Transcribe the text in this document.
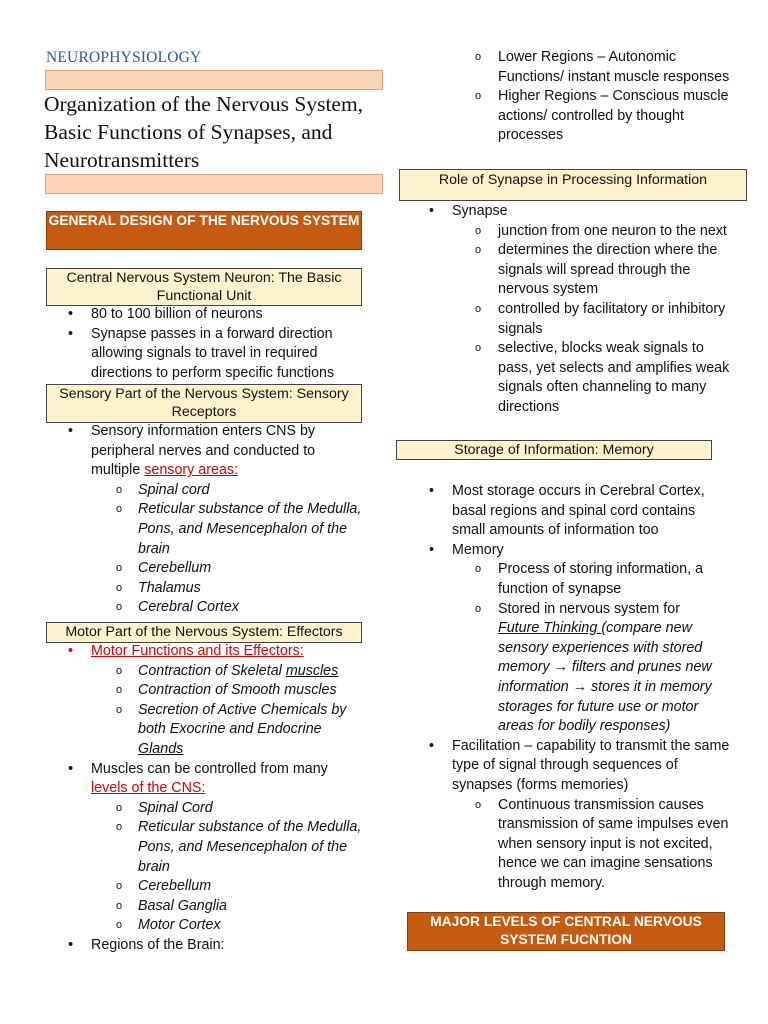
NEUROPHYSIOLOGY
Organization of the Nervous System, Basic Functions of Synapses, and Neurotransmitters
GENERAL DESIGN OF THE NERVOUS SYSTEM
Central Nervous System Neuron: The Basic Functional Unit
• 80 to 100 billion of neurons
• Synapse passes in a forward direction allowing signals to travel in required directions to perform specific functions
Sensory Part of the Nervous System: Sensory Receptors
• Sensory information enters CNS by peripheral nerves and conducted to multiple sensory areas:
o Spinal cord
o Reticular substance of the Medulla, Pons, and Mesencephalon of the brain
o Cerebellum
o Thalamus
o Cerebral Cortex
Motor Part of the Nervous System: Effectors
• Motor Functions and its Effectors:
o Contraction of Skeletal muscles
o Contraction of Smooth muscles
o Secretion of Active Chemicals by both Exocrine and Endocrine Glands
• Muscles can be controlled from many levels of the CNS:
o Spinal Cord
o Reticular substance of the Medulla, Pons, and Mesencephalon of the brain
o Cerebellum
o Basal Ganglia
o Motor Cortex
• Regions of the Brain:
o Lower Regions – Autonomic Functions/ instant muscle responses
o Higher Regions – Conscious muscle actions/ controlled by thought processes
Role of Synapse in Processing Information
• Synapse
o junction from one neuron to the next
o determines the direction where the signals will spread through the nervous system
o controlled by facilitatory or inhibitory signals
o selective, blocks weak signals to pass, yet selects and amplifies weak signals often channeling to many directions
Storage of Information: Memory
• Most storage occurs in Cerebral Cortex, basal regions and spinal cord contains small amounts of information too
• Memory
o Process of storing information, a function of synapse
o Stored in nervous system for
Future Thinking (compare new sensory experiences with stored memory → filters and prunes new information → stores it in memory storages for future use or motor areas for bodily responses)
• Facilitation – capability to transmit the same type of signal through sequences of synapses (forms memories)
o Continuous transmission causes transmission of same impulses even when sensory input is not excited, hence we can imagine sensations through memory.
MAJOR LEVELS OF CENTRAL NERVOUS SYSTEM FUCNTION
